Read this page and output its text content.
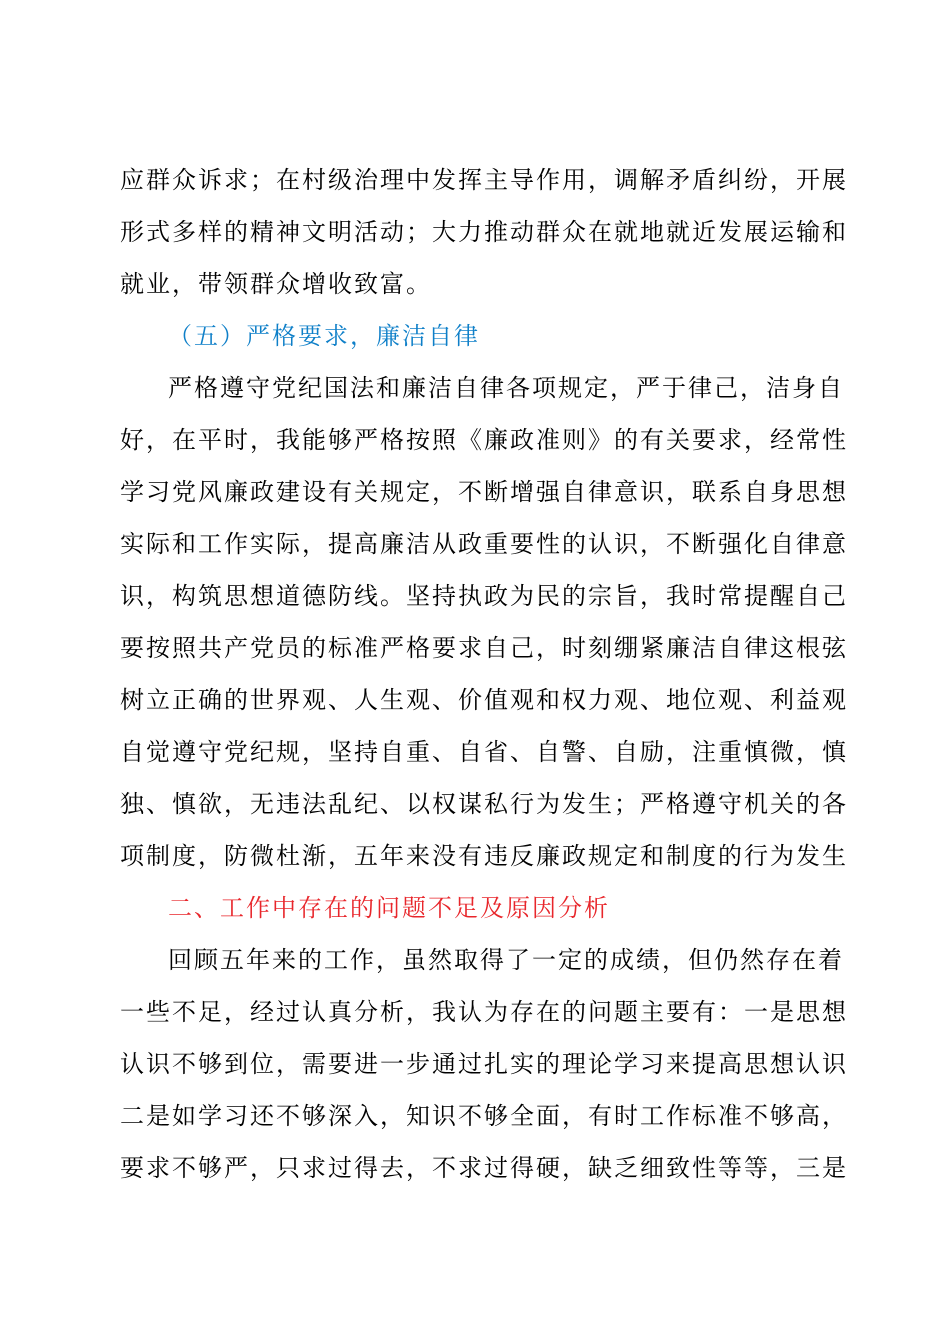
应群众诉求；在村级治理中发挥主导作用，调解矛盾纠纷，开展
形式多样的精神文明活动；大力推动群众在就地就近发展运输和
就业，带领群众增收致富。
（五）严格要求，廉洁自律
严格遵守党纪国法和廉洁自律各项规定，严于律己，洁身自
好，在平时，我能够严格按照《廉政准则》的有关要求，经常性
学习党风廉政建设有关规定，不断增强自律意识，联系自身思想
实际和工作实际，提高廉洁从政重要性的认识，不断强化自律意
识，构筑思想道德防线。坚持执政为民的宗旨，我时常提醒自己
要按照共产党员的标准严格要求自己，时刻绷紧廉洁自律这根弦
树立正确的世界观、人生观、价值观和权力观、地位观、利益观
自觉遵守党纪规，坚持自重、自省、自警、自励，注重慎微，慎
独、慎欲，无违法乱纪、以权谋私行为发生；严格遵守机关的各
项制度，防微杜渐，五年来没有违反廉政规定和制度的行为发生
二、工作中存在的问题不足及原因分析
回顾五年来的工作，虽然取得了一定的成绩，但仍然存在着
一些不足，经过认真分析，我认为存在的问题主要有：一是思想
认识不够到位，需要进一步通过扎实的理论学习来提高思想认识
二是如学习还不够深入，知识不够全面，有时工作标准不够高，
要求不够严，只求过得去，不求过得硬，缺乏细致性等等，三是
